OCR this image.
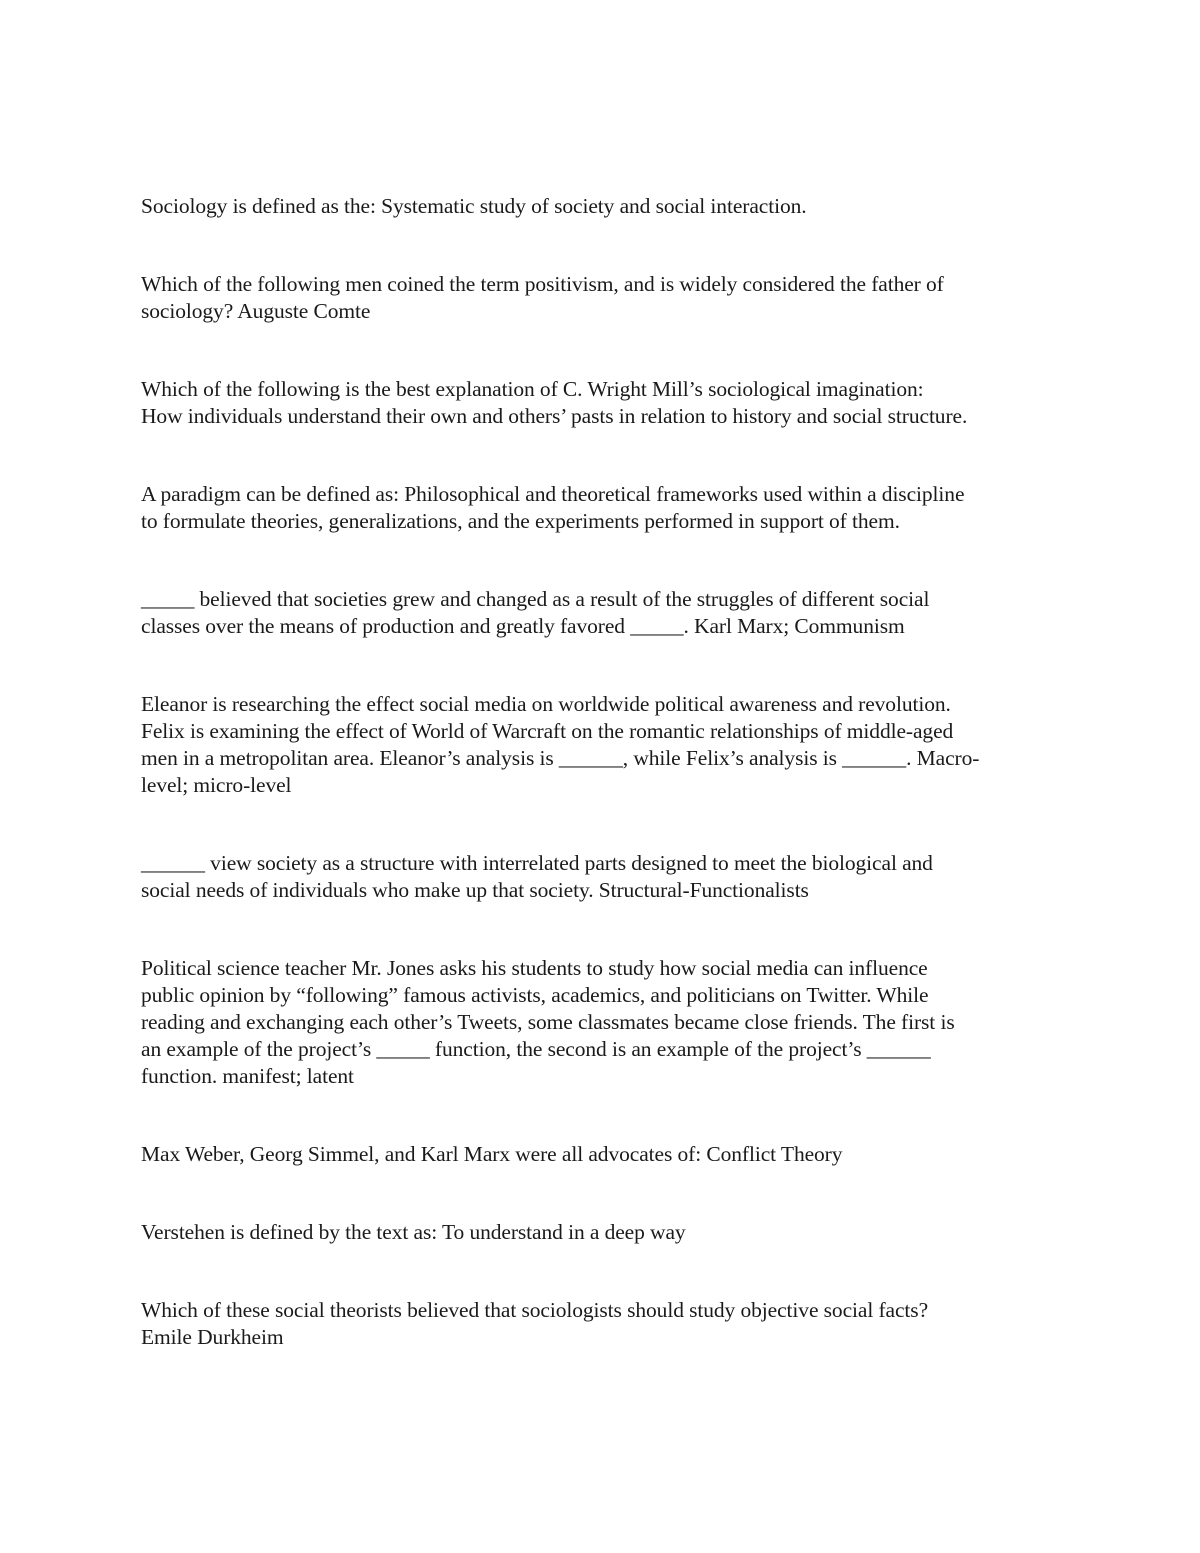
Sociology is defined as the: Systematic study of society and social interaction.

Which of the following men coined the term positivism, and is widely considered the father of
sociology? Auguste Comte

Which of the following is the best explanation of C. Wright Mill’s sociological imagination:
How individuals understand their own and others’ pasts in relation to history and social structure.

A paradigm can be defined as: Philosophical and theoretical frameworks used within a discipline
to formulate theories, generalizations, and the experiments performed in support of them.

_____ believed that societies grew and changed as a result of the struggles of different social
classes over the means of production and greatly favored _____. Karl Marx; Communism

Eleanor is researching the effect social media on worldwide political awareness and revolution.
Felix is examining the effect of World of Warcraft on the romantic relationships of middle-aged
men in a metropolitan area. Eleanor’s analysis is ______, while Felix’s analysis is ______. Macro-
level; micro-level

______ view society as a structure with interrelated parts designed to meet the biological and
social needs of individuals who make up that society. Structural-Functionalists

Political science teacher Mr. Jones asks his students to study how social media can influence
public opinion by “following” famous activists, academics, and politicians on Twitter. While
reading and exchanging each other’s Tweets, some classmates became close friends. The first is
an example of the project’s _____ function, the second is an example of the project’s ______
function. manifest; latent

Max Weber, Georg Simmel, and Karl Marx were all advocates of: Conflict Theory

Verstehen is defined by the text as: To understand in a deep way

Which of these social theorists believed that sociologists should study objective social facts?
Emile Durkheim
